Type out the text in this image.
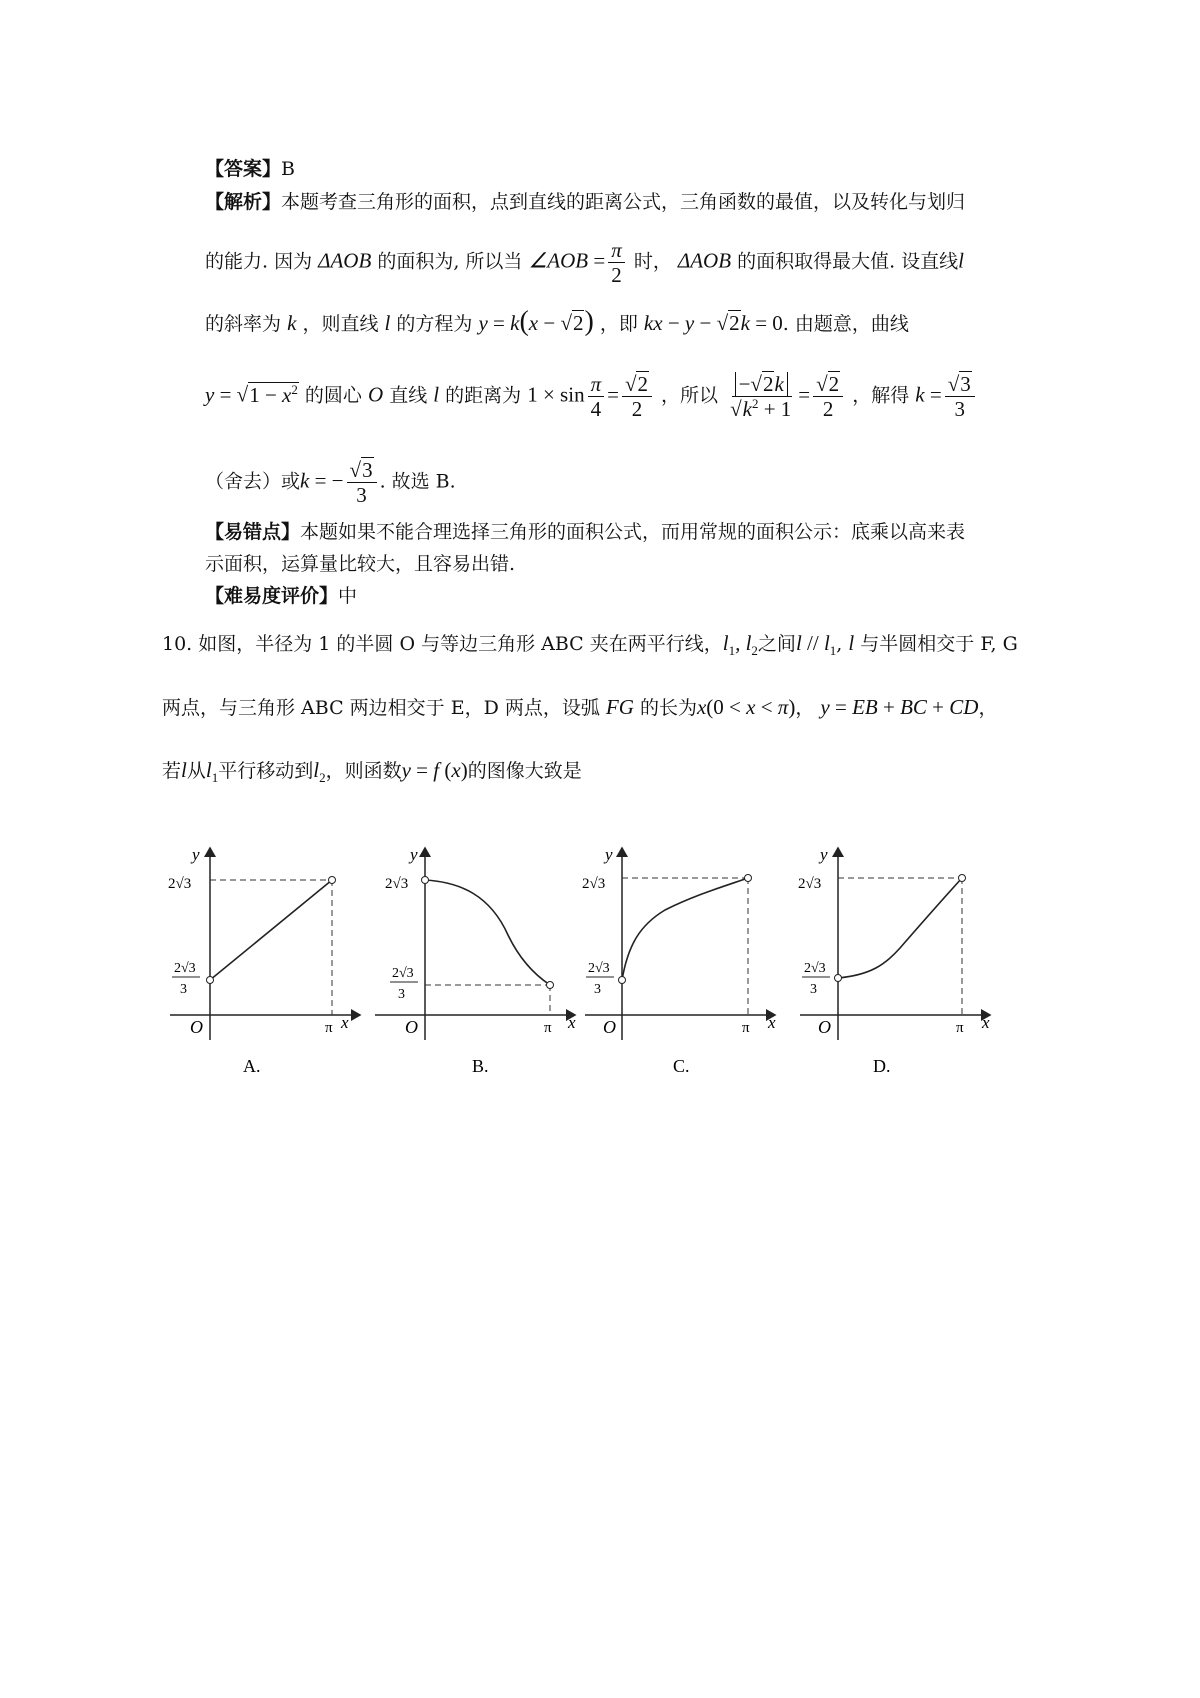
【答案】B
【解析】本题考查三角形的面积，点到直线的距离公式，三角函数的最值，以及转化与划归
的能力. 因为 ΔAOB 的面积为, 所以当 ∠AOB = $\frac{\pi}{2}$ 时， ΔAOB 的面积取得最大值. 设直线l
的斜率为 k ，则直线 l 的方程为 y = k(x − √2) ，即 kx − y − √2k = 0. 由题意，曲线
$y = √1 - x^2$ 的圆心 O 直线 l 的距离为 $1 \times \sin \frac{\pi}{4} = \frac{√2}{2}$ ，所以 $\frac{-√2k}{√k^2 + 1} = \frac{√2}{2}$ ，解得 $k = \frac{√3}{3}$
（舍去）或k = − $\frac{√3}{3}$ . 故选 B.
【易错点】本题如果不能合理选择三角形的面积公式，而用常规的面积公示：底乘以高来表
示面积，运算量比较大，且容易出错.
【难易度评价】中
10. 如图，半径为 1 的半圆 O 与等边三角形 ABC 夹在两平行线，$l_1$, $l_2$之间l // $l_1$, l 与半圆相交于 F, G
两点，与三角形 ABC 两边相交于 E，D 两点，设弧 FG 的长为x(0 < x < π)， y = EB + BC + CD，
若l从$l_1$平行移动到$l_2$，则函数y = f (x)的图像大致是
y
x
O	π
2√3
2√3
3
A.
y
x
O	π
2√3
2√3
3
B.
y
x
O	π
2√3
2√3
3
C.
y
x
O	π
2√3
2√3
3
D.
